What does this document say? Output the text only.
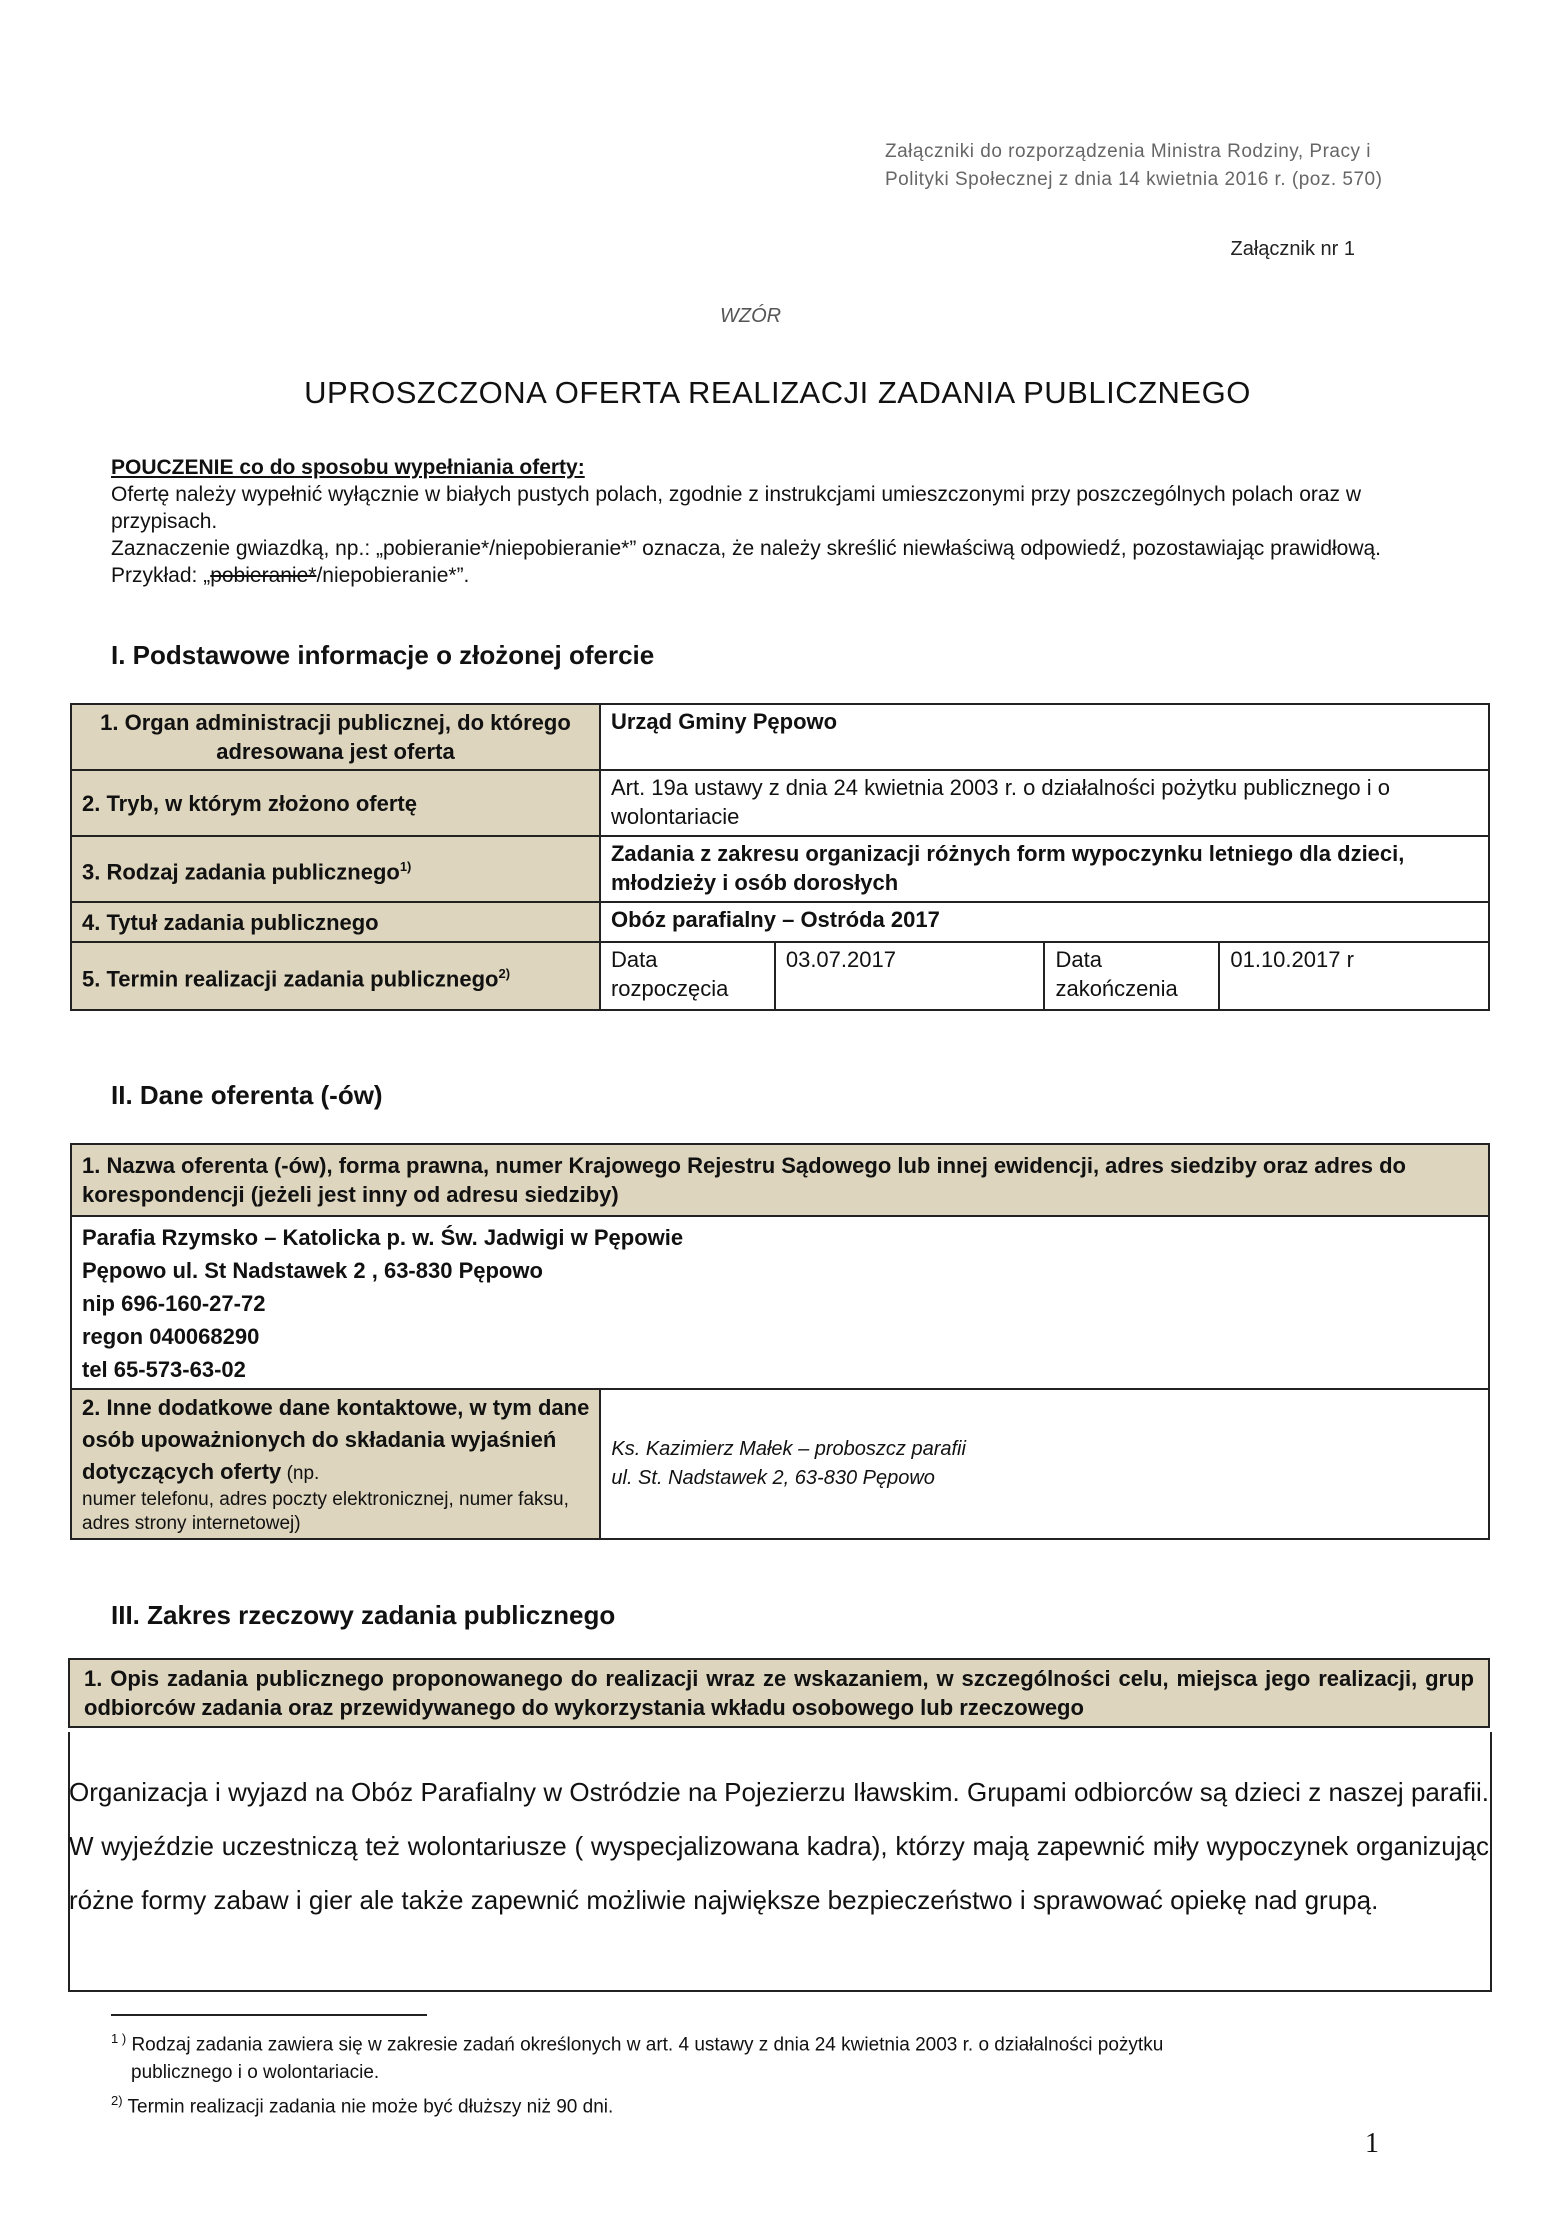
Załączniki do rozporządzenia Ministra Rodziny, Pracy i Polityki Społecznej z dnia 14 kwietnia 2016 r. (poz. 570)
Załącznik nr 1
WZÓR
UPROSZCZONA OFERTA REALIZACJI ZADANIA PUBLICZNEGO
POUCZENIE co do sposobu wypełniania oferty:
Ofertę należy wypełnić wyłącznie w białych pustych polach, zgodnie z instrukcjami umieszczonymi przy poszczególnych polach oraz w przypisach.
Zaznaczenie gwiazdką, np.: „pobieranie*/niepobieranie*” oznacza, że należy skreślić niewłaściwą odpowiedź, pozostawiając prawidłową. Przykład: „pobieranie*/niepobieranie*”.
I. Podstawowe informacje o złożonej ofercie
1. Organ administracji publicznej, do którego adresowana jest oferta	Urząd Gminy Pępowo			
2. Tryb, w którym złożono ofertę	Art. 19a ustawy z dnia 24 kwietnia 2003 r. o działalności pożytku publicznego i o wolontariacie			
3. Rodzaj zadania publicznego$^{1)}$	Zadania z zakresu organizacji różnych form wypoczynku letniego dla dzieci, młodzieży i osób dorosłych			
4. Tytuł zadania publicznego	Obóz parafialny – Ostróda 2017			
5. Termin realizacji zadania publicznego$^{2)}$	Data rozpoczęcia	03.07.2017	Data zakończenia	01.10.2017 r
II. Dane oferenta (-ów)
1. Nazwa oferenta (-ów), forma prawna, numer Krajowego Rejestru Sądowego lub innej ewidencji, adres siedziby oraz adres do korespondencji (jeżeli jest inny od adresu siedziby)

Parafia Rzymsko – Katolicka p. w. Św. Jadwigi w Pępowie
Pępowo ul. St Nadstawek 2 , 63-830 Pępowo
nip 696-160-27-72
regon 040068290
tel 65-573-63-02

2. Inne dodatkowe dane kontaktowe, w tym dane osób upoważnionych do składania wyjaśnień dotyczących oferty (np.
numer telefonu, adres poczty elektronicznej, numer faksu, adres strony internetowej)

Ks. Kazimierz Małek – proboszcz parafii
ul. St. Nadstawek 2, 63-830 Pępowo
III. Zakres rzeczowy zadania publicznego
1. Opis zadania publicznego proponowanego do realizacji wraz ze wskazaniem, w szczególności celu, miejsca jego realizacji, grup odbiorców zadania oraz przewidywanego do wykorzystania wkładu osobowego lub rzeczowego
Organizacja i wyjazd na Obóz Parafialny w Ostródzie na Pojezierzu Iławskim. Grupami odbiorców są dzieci z naszej parafii. W wyjeździe uczestniczą też wolontariusze ( wyspecjalizowana kadra), którzy mają zapewnić miły wypoczynek organizując różne formy zabaw i gier ale także zapewnić możliwie największe bezpieczeństwo i sprawować opiekę nad grupą.
$^{1 )}$ Rodzaj zadania zawiera się w zakresie zadań określonych w art. 4 ustawy z dnia 24 kwietnia 2003 r. o działalności pożytku
publicznego i o wolontariacie.
$^{2)}$ Termin realizacji zadania nie może być dłuższy niż 90 dni.
1
